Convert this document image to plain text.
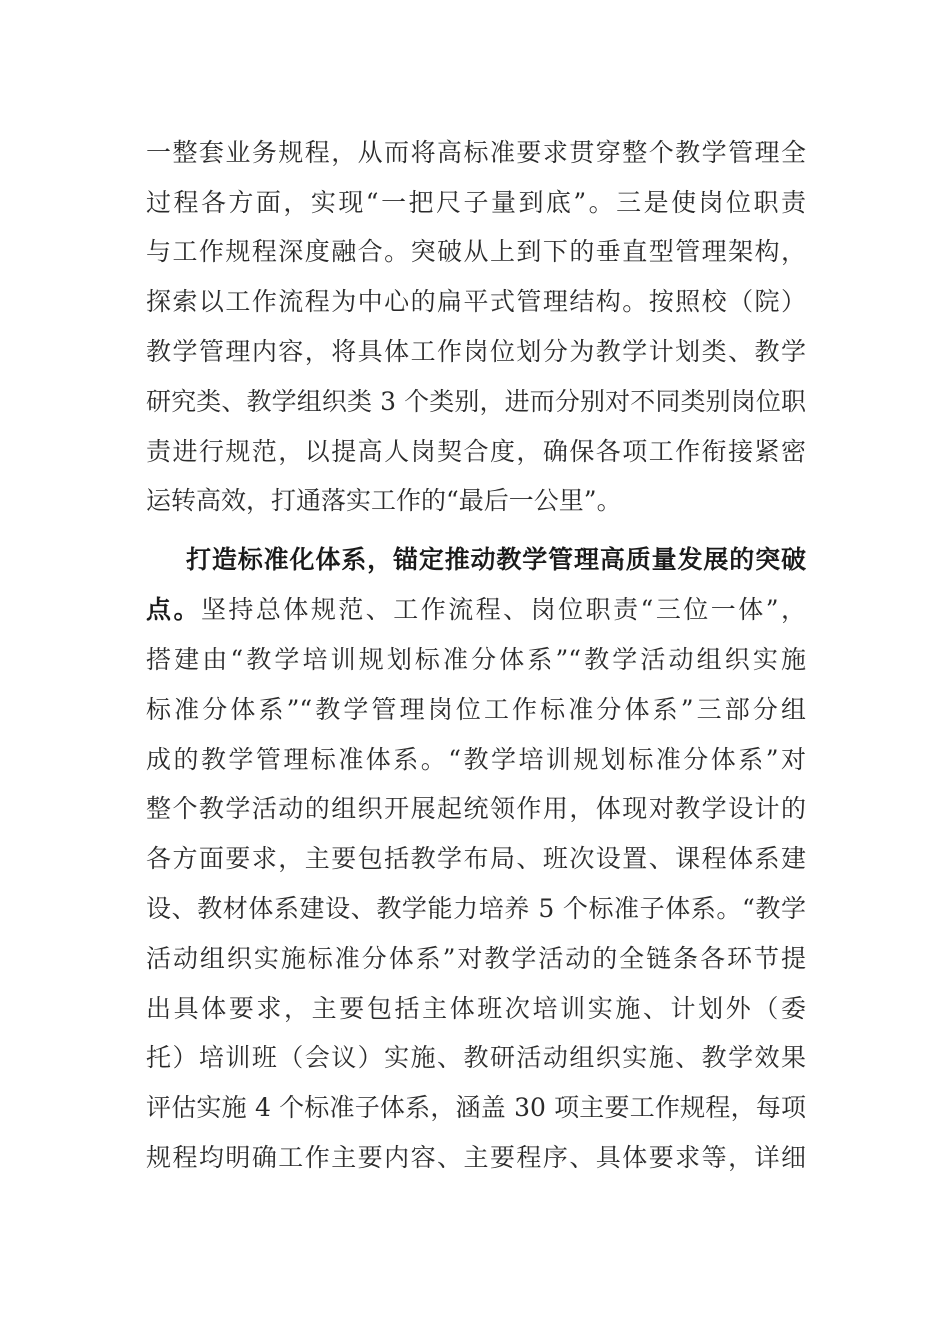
一整套业务规程，从而将高标准要求贯穿整个教学管理全
过程各方面，实现“一把尺子量到底”。三是使岗位职责
与工作规程深度融合。突破从上到下的垂直型管理架构，
探索以工作流程为中心的扁平式管理结构。按照校（院）
教学管理内容，将具体工作岗位划分为教学计划类、教学
研究类、教学组织类 3 个类别，进而分别对不同类别岗位职
责进行规范，以提高人岗契合度，确保各项工作衔接紧密
运转高效，打通落实工作的“最后一公里”。
打造标准化体系，锚定推动教学管理高质量发展的突破
点。坚持总体规范、工作流程、岗位职责“三位一体”，
搭建由“教学培训规划标准分体系”“教学活动组织实施
标准分体系”“教学管理岗位工作标准分体系”三部分组
成的教学管理标准体系。“教学培训规划标准分体系”对
整个教学活动的组织开展起统领作用，体现对教学设计的
各方面要求，主要包括教学布局、班次设置、课程体系建
设、教材体系建设、教学能力培养 5 个标准子体系。“教学
活动组织实施标准分体系”对教学活动的全链条各环节提
出具体要求，主要包括主体班次培训实施、计划外（委
托）培训班（会议）实施、教研活动组织实施、教学效果
评估实施 4 个标准子体系，涵盖 30 项主要工作规程，每项
规程均明确工作主要内容、主要程序、具体要求等，详细
